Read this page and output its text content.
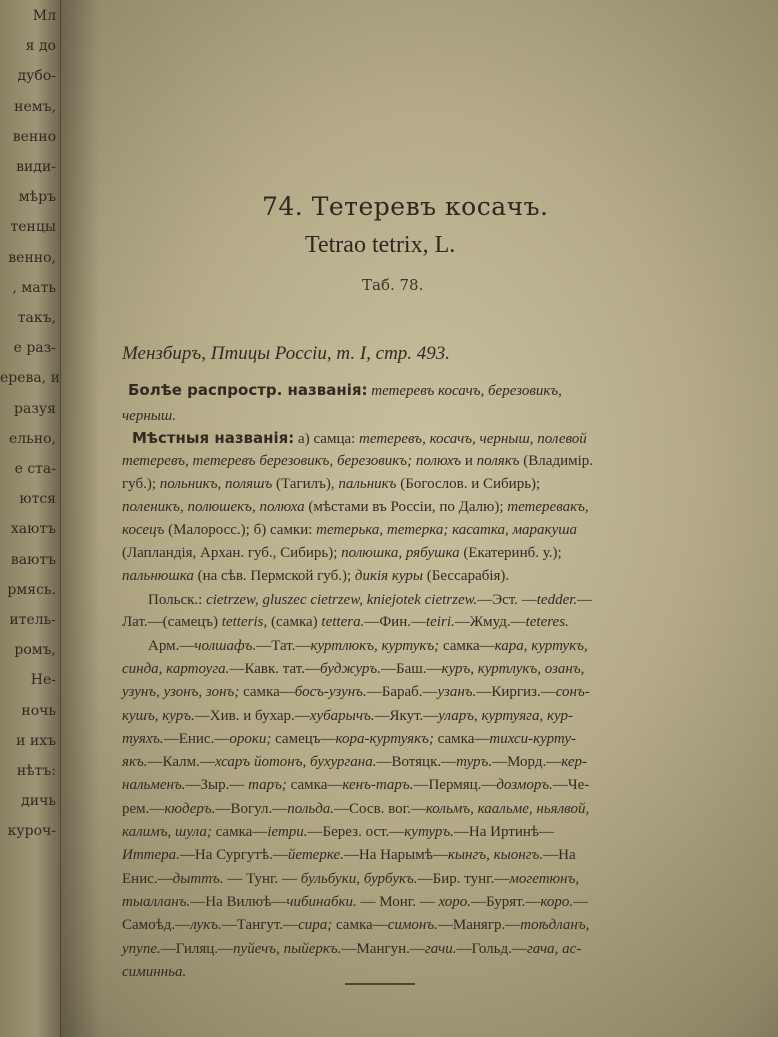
Мл
я до
дубо-
немъ,
венно
види-
мѣръ
тенцы
венно,
, мать
такъ,
е раз-
ерева, и
разуя
ельно,
е ста-
ются
хаютъ
ваютъ
рмясь.
итель-
ромъ,
Не-
ночь
и ихъ
нѣтъ:
дичь
куроч-
74. Тетеревъ косачъ.
Tetrao tetrix, L.
Таб. 78.
Мензбиръ, Птицы Россіи, т. I, стр. 493.
Болѣе распростр. названія: тетеревъ косачъ, березовикъ,
черныш.
Мѣстныя названія: а) самца: тетеревъ, косачъ, черныш, полевой
тетеревъ, тетеревъ березовикъ, березовикъ; полюхъ и полякъ (Владимір.
губ.); польникъ, поляшъ (Тагилъ), пальникъ (Богослов. и Сибирь);
поленикъ, полюшекъ, полюха (мѣстами въ Россіи, по Далю); тетеревакъ,
косецъ (Малоросс.); б) самки: тетерька, тетерка; касатка, маракуша
(Лапландія, Архан. губ., Сибирь); полюшка, рябушка (Екатеринб. у.);
пальнюшка (на сѣв. Пермской губ.); дикія куры (Бессарабія).
Польск.: cietrzew, gluszec cietrzew, kniejotek cietrzew.—Эст. —tedder.—
Лат.—(самецъ) tetteris, (самка) tettera.—Фин.—teiri.—Жмуд.—teteres.
Арм.—чолшафъ.—Тат.—куртлюкъ, куртукъ; самка—кара, куртукъ,
синда, картоуга.—Кавк. тат.—буджуръ.—Баш.—куръ, куртлукъ, озанъ,
узунъ, узонъ, зонъ; самка—босъ-узунъ.—Бараб.—узанъ.—Киргиз.—сонъ-
кушъ, куръ.—Хив. и бухар.—хубарычъ.—Якут.—уларъ, куртуяга, кур-
туяхъ.—Енис.—ороки; самецъ—кора-куртуякъ; самка—тихси-курту-
якъ.—Калм.—хсаръ йотонъ, бухургана.—Вотяцк.—туръ.—Морд.—кер-
нальменъ.—Зыр.— таръ; самка—кенъ-таръ.—Пермяц.—дозморъ.—Че-
рем.—кюдеръ.—Вогул.—польда.—Сосв. вог.—кольмъ, каальме, ньялвой,
калимъ, шула; самка—іетри.—Берез. ост.—кутуръ.—На Иртинѣ—
Иттера.—На Сургутѣ.—йетерке.—На Нарымѣ—кынгъ, кыонгъ.—На
Енис.—дыттъ. — Тунг. — бульбуки, бурбукъ.—Бир. тунг.—могетюнъ,
тыалланъ.—На Вилюѣ—чибинабки. — Монг. — хоро.—Бурят.—коро.—
Самоѣд.—лукъ.—Тангут.—сира; самка—симонъ.—Манягр.—тоѣдланъ,
упупе.—Гиляц.—пуйечъ, пыйеркъ.—Мангун.—гачи.—Гольд.—гача, ас-
симинньа.
